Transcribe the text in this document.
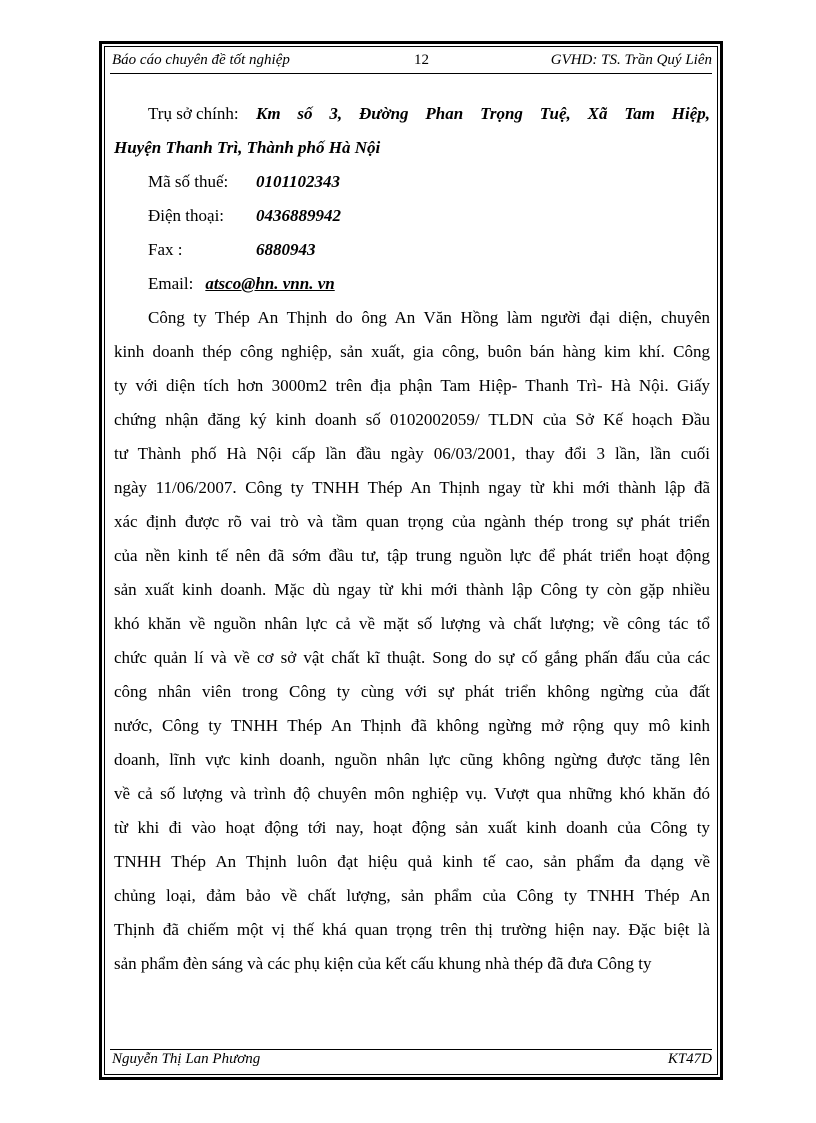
Báo cáo chuyên đề tốt nghiệp	12	GVHD: TS. Trần Quý Liên
Trụ sở chính: Km số 3, Đường Phan Trọng Tuệ, Xã Tam Hiệp,
Huyện Thanh Trì, Thành phố Hà Nội
Mã số thuế: 0101102343
Điện thoại: 0436889942
Fax :	6880943
Email: atsco@hn. vnn. vn
Công ty Thép An Thịnh do ông An Văn Hồng làm người đại diện, chuyên
kinh doanh thép công nghiệp, sản xuất, gia công, buôn bán hàng kim khí. Công
ty với diện tích hơn 3000m2 trên địa phận Tam Hiệp- Thanh Trì- Hà Nội. Giấy
chứng nhận đăng ký kinh doanh số 0102002059/ TLDN của Sở Kế hoạch Đầu
tư Thành phố Hà Nội cấp lần đầu ngày 06/03/2001, thay đổi 3 lần, lần cuối
ngày 11/06/2007. Công ty TNHH Thép An Thịnh ngay từ khi mới thành lập đã
xác định được rõ vai trò và tầm quan trọng của ngành thép trong sự phát triển
của nền kinh tế nên đã sớm đầu tư, tập trung nguồn lực để phát triển hoạt động
sản xuất kinh doanh. Mặc dù ngay từ khi mới thành lập Công ty còn gặp nhiều
khó khăn về nguồn nhân lực cả về mặt số lượng và chất lượng; về công tác tổ
chức quản lí và về cơ sở vật chất kĩ thuật. Song do sự cố gắng phấn đấu của các
công nhân viên trong Công ty cùng với sự phát triển không ngừng của đất
nước, Công ty TNHH Thép An Thịnh đã không ngừng mở rộng quy mô kinh
doanh, lĩnh vực kinh doanh, nguồn nhân lực cũng không ngừng được tăng lên
về cả số lượng và trình độ chuyên môn nghiệp vụ. Vượt qua những khó khăn đó
từ khi đi vào hoạt động tới nay, hoạt động sản xuất kinh doanh của Công ty
TNHH Thép An Thịnh luôn đạt hiệu quả kinh tế cao, sản phẩm đa dạng về
chủng loại, đảm bảo về chất lượng, sản phẩm của Công ty TNHH Thép An
Thịnh đã chiếm một vị thế khá quan trọng trên thị trường hiện nay. Đặc biệt là
sản phẩm đèn sáng và các phụ kiện của kết cấu khung nhà thép đã đưa Công ty
Nguyễn Thị Lan Phương	KT47D
